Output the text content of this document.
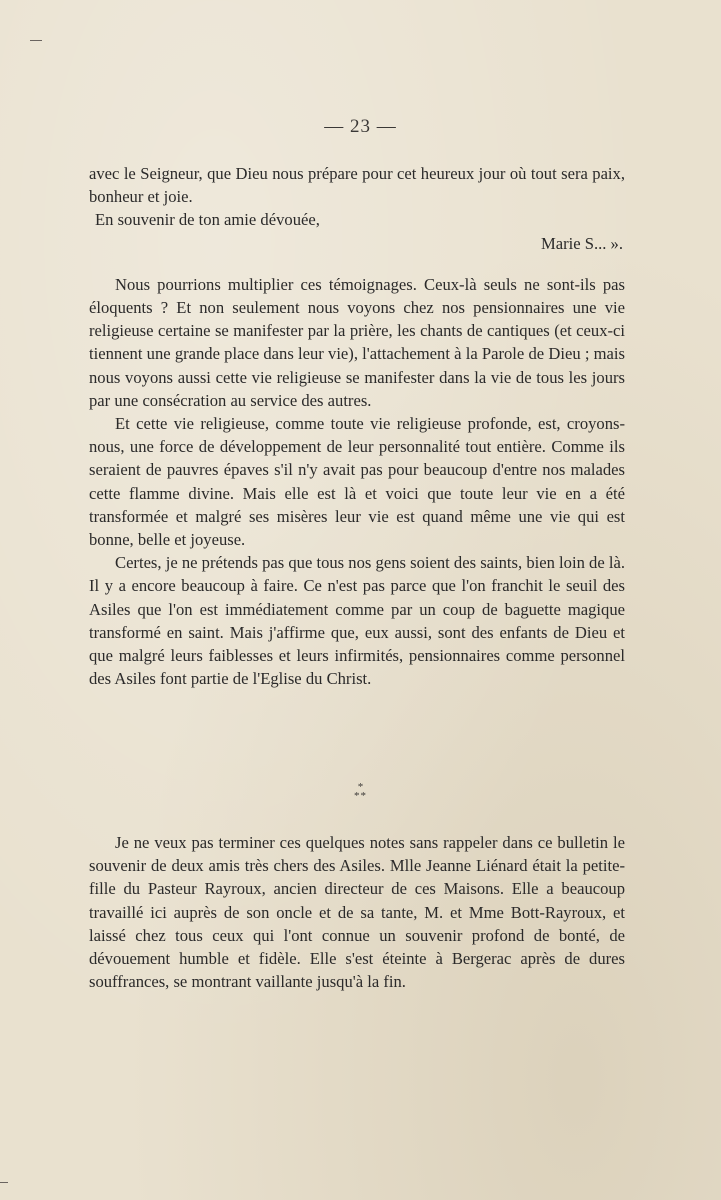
— 23 —

avec le Seigneur, que Dieu nous prépare pour cet heureux jour où tout sera paix, bonheur et joie.

En souvenir de ton amie dévouée,

Marie S... ».

Nous pourrions multiplier ces témoignages. Ceux-là seuls ne sont-ils pas éloquents ? Et non seulement nous voyons chez nos pensionnaires une vie religieuse certaine se manifester par la prière, les chants de cantiques (et ceux-ci tiennent une grande place dans leur vie), l'attachement à la Parole de Dieu ; mais nous voyons aussi cette vie religieuse se manifester dans la vie de tous les jours par une consécration au service des autres.

Et cette vie religieuse, comme toute vie religieuse profonde, est, croyons-nous, une force de développement de leur personnalité tout entière. Comme ils seraient de pauvres épaves s'il n'y avait pas pour beaucoup d'entre nos malades cette flamme divine. Mais elle est là et voici que toute leur vie en a été transformée et malgré ses misères leur vie est quand même une vie qui est bonne, belle et joyeuse.

Certes, je ne prétends pas que tous nos gens soient des saints, bien loin de là. Il y a encore beaucoup à faire. Ce n'est pas parce que l'on franchit le seuil des Asiles que l'on est immédiatement comme par un coup de baguette magique transformé en saint. Mais j'affirme que, eux aussi, sont des enfants de Dieu et que malgré leurs faiblesses et leurs infirmités, pensionnaires comme personnel des Asiles font partie de l'Eglise du Christ.

*
**

Je ne veux pas terminer ces quelques notes sans rappeler dans ce bulletin le souvenir de deux amis très chers des Asiles. Mlle Jeanne Liénard était la petite-fille du Pasteur Rayroux, ancien directeur de ces Maisons. Elle a beaucoup travaillé ici auprès de son oncle et de sa tante, M. et Mme Bott-Rayroux, et laissé chez tous ceux qui l'ont connue un souvenir profond de bonté, de dévouement humble et fidèle. Elle s'est éteinte à Bergerac après de dures souffrances, se montrant vaillante jusqu'à la fin.
